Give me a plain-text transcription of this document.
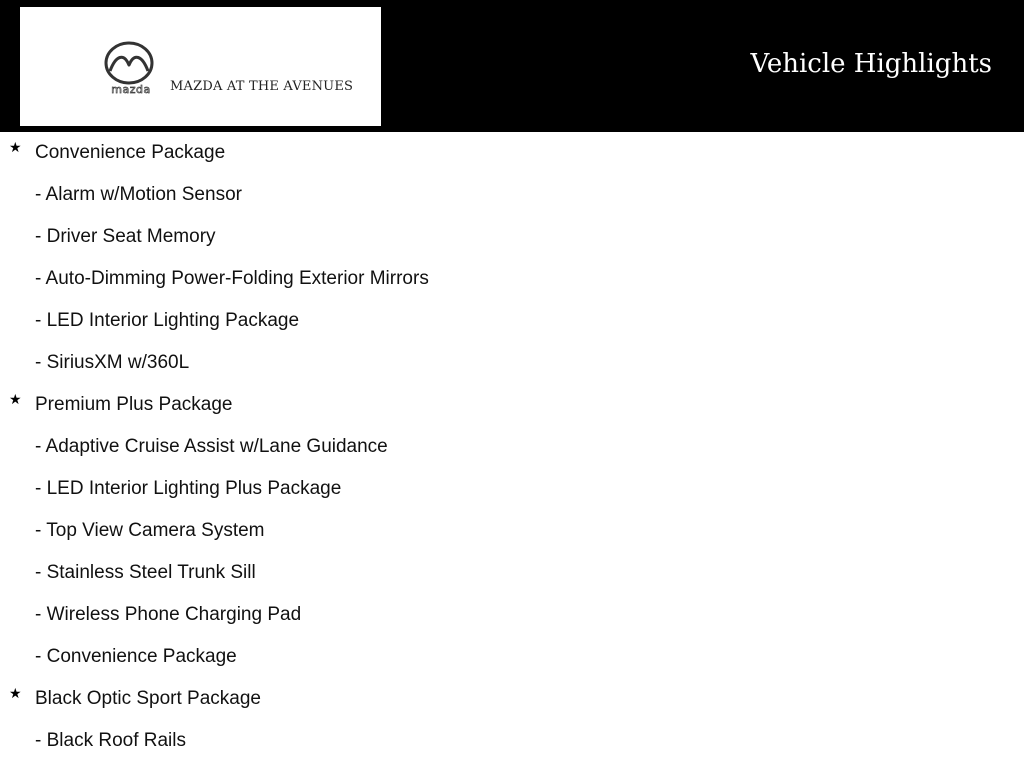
mazda MAZDA AT THE AVENUES
Vehicle Highlights
★ Convenience Package
- Alarm w/Motion Sensor
- Driver Seat Memory
- Auto-Dimming Power-Folding Exterior Mirrors
- LED Interior Lighting Package
- SiriusXM w/360L
★ Premium Plus Package
- Adaptive Cruise Assist w/Lane Guidance
- LED Interior Lighting Plus Package
- Top View Camera System
- Stainless Steel Trunk Sill
- Wireless Phone Charging Pad
- Convenience Package
★ Black Optic Sport Package
- Black Roof Rails
